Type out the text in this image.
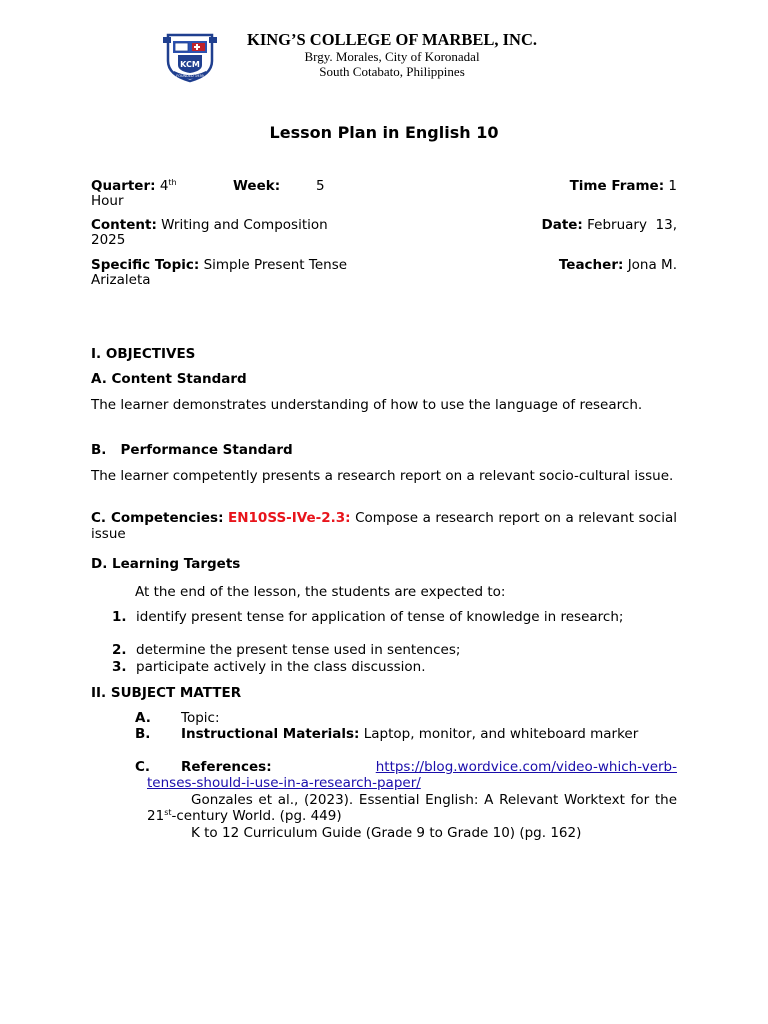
KCM
FOUNDED 1939
KING’S COLLEGE OF MARBEL, INC.
Brgy. Morales, City of Koronadal
South Cotabato, Philippines
Lesson Plan in English 10
Quarter: 4th	Week:	5	Time Frame: 1
Hour
Content: Writing and Composition	Date: February  13,
2025
Specific Topic: Simple Present Tense	Teacher: Jona M.
Arizaleta
I. OBJECTIVES
A. Content Standard
The learner demonstrates understanding of how to use the language of research.
B.   Performance Standard
The learner competently presents a research report on a relevant socio-cultural issue.
C. Competencies: EN10SS-IVe-2.3: Compose a research report on a relevant social issue
D. Learning Targets
At the end of the lesson, the students are expected to:
1. identify present tense for application of tense of knowledge in research;
2. determine the present tense used in sentences;
3. participate actively in the class discussion.
II. SUBJECT MATTER
A. Topic:
B.	Instructional Materials: Laptop, monitor, and whiteboard marker
C. References:	https://blog.wordvice.com/video-which-verb-
tenses-should-i-use-in-a-research-paper/
Gonzales et al., (2023). Essential English: A Relevant Worktext for the 21st-century World. (pg. 449)
K to 12 Curriculum Guide (Grade 9 to Grade 10) (pg. 162)
